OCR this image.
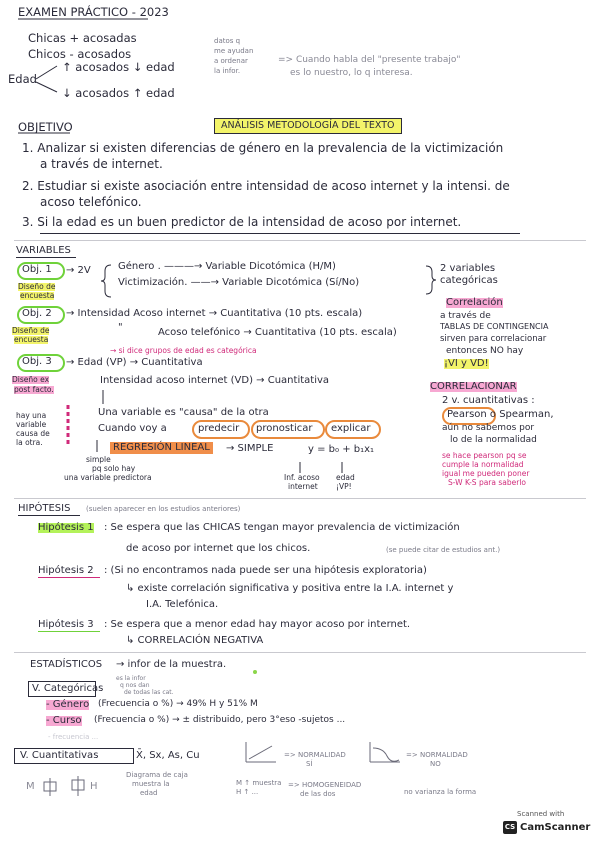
EXAMEN PRÁCTICO - 2023
Chicas + acosadas
Chicos - acosados
Edad
↑ acosados ↓ edad
↓ acosados ↑ edad
datos q
me ayudan
a ordenar
la infor.
=> Cuando habla del "presente trabajo"
es lo nuestro, lo q interesa.
ANÁLISIS METODOLOGÍA DEL TEXTO
OBJETIVO
1. Analizar si existen diferencias de género en la prevalencia de la victimización
a través de internet.
2. Estudiar si existe asociación entre intensidad de acoso internet y la intensi. de
acoso telefónico.
3. Si la edad es un buen predictor de la intensidad de acoso por internet.
VARIABLES
Obj. 1 → 2V	Género . ———→ Variable Dicotómica (H/M)
Victimización. ——→ Variable Dicotómica (Sí/No)
Diseño de
encuesta
Obj. 2 → Intensidad Acoso internet → Cuantitativa (10 pts. escala)
"	Acoso telefónico → Cuantitativa (10 pts. escala)
Diseño de
encuesta
→ si dice grupos de edad es categórica
Obj. 3 → Edad (VP) → Cuantitativa
Intensidad acoso internet (VD) → Cuantitativa
Diseño ex
post facto.
hay una
variable
causa de
la otra.
Una variable es "causa" de la otra
Cuando voy a	predecir pronosticar explicar
REGRESIÓN LINEAL	→ SIMPLE	y = b₀ + b₁x₁
simple
pq solo hay
una variable predictora	Inf. acoso
internet
edad
¡VP!
2 variables
categóricas
Correlación
a través de
TABLAS DE CONTINGENCIA
sirven para correlacionar
entonces NO hay
¡VI y VD!
CORRELACIONAR
2 v. cuantitativas :
Pearson o Spearman,
aún no sabemos por
lo de la normalidad
se hace pearson pq se
cumple la normalidad
igual me pueden poner
S-W K-S para saberlo
HIPÓTESIS (suelen aparecer en los estudios anteriores)
Hipótesis 1 : Se espera que las CHICAS tengan mayor prevalencia de victimización
de acoso por internet que los chicos.	(se puede citar de estudios ant.)
Hipótesis 2 : (Si no encontramos nada puede ser una hipótesis exploratoria)
↳ existe correlación significativa y positiva entre la I.A. internet y
I.A. Telefónica.
Hipótesis 3 : Se espera que a menor edad hay mayor acoso por internet.
↳ CORRELACIÓN NEGATIVA
ESTADÍSTICOS → infor de la muestra.
V. Categóricas
es la infor
q nos dan
de todas las cat.
- Género (Frecuencia o %) → 49% H y 51% M
- Curso (Frecuencia o %) → ± distribuido, pero 3°eso -sujetos ...
- frecuencia ...
V. Cuantitativas	X̄, Sx, As, Cu	=> NORMALIDAD
SÍ
=> NORMALIDAD
NO
M	H
Diagrama de caja
muestra la
edad
M ↑ muestra
H ↑ ...
=> HOMOGENEIDAD
de las dos	no varianza la forma
Scanned with
CS CamScanner
